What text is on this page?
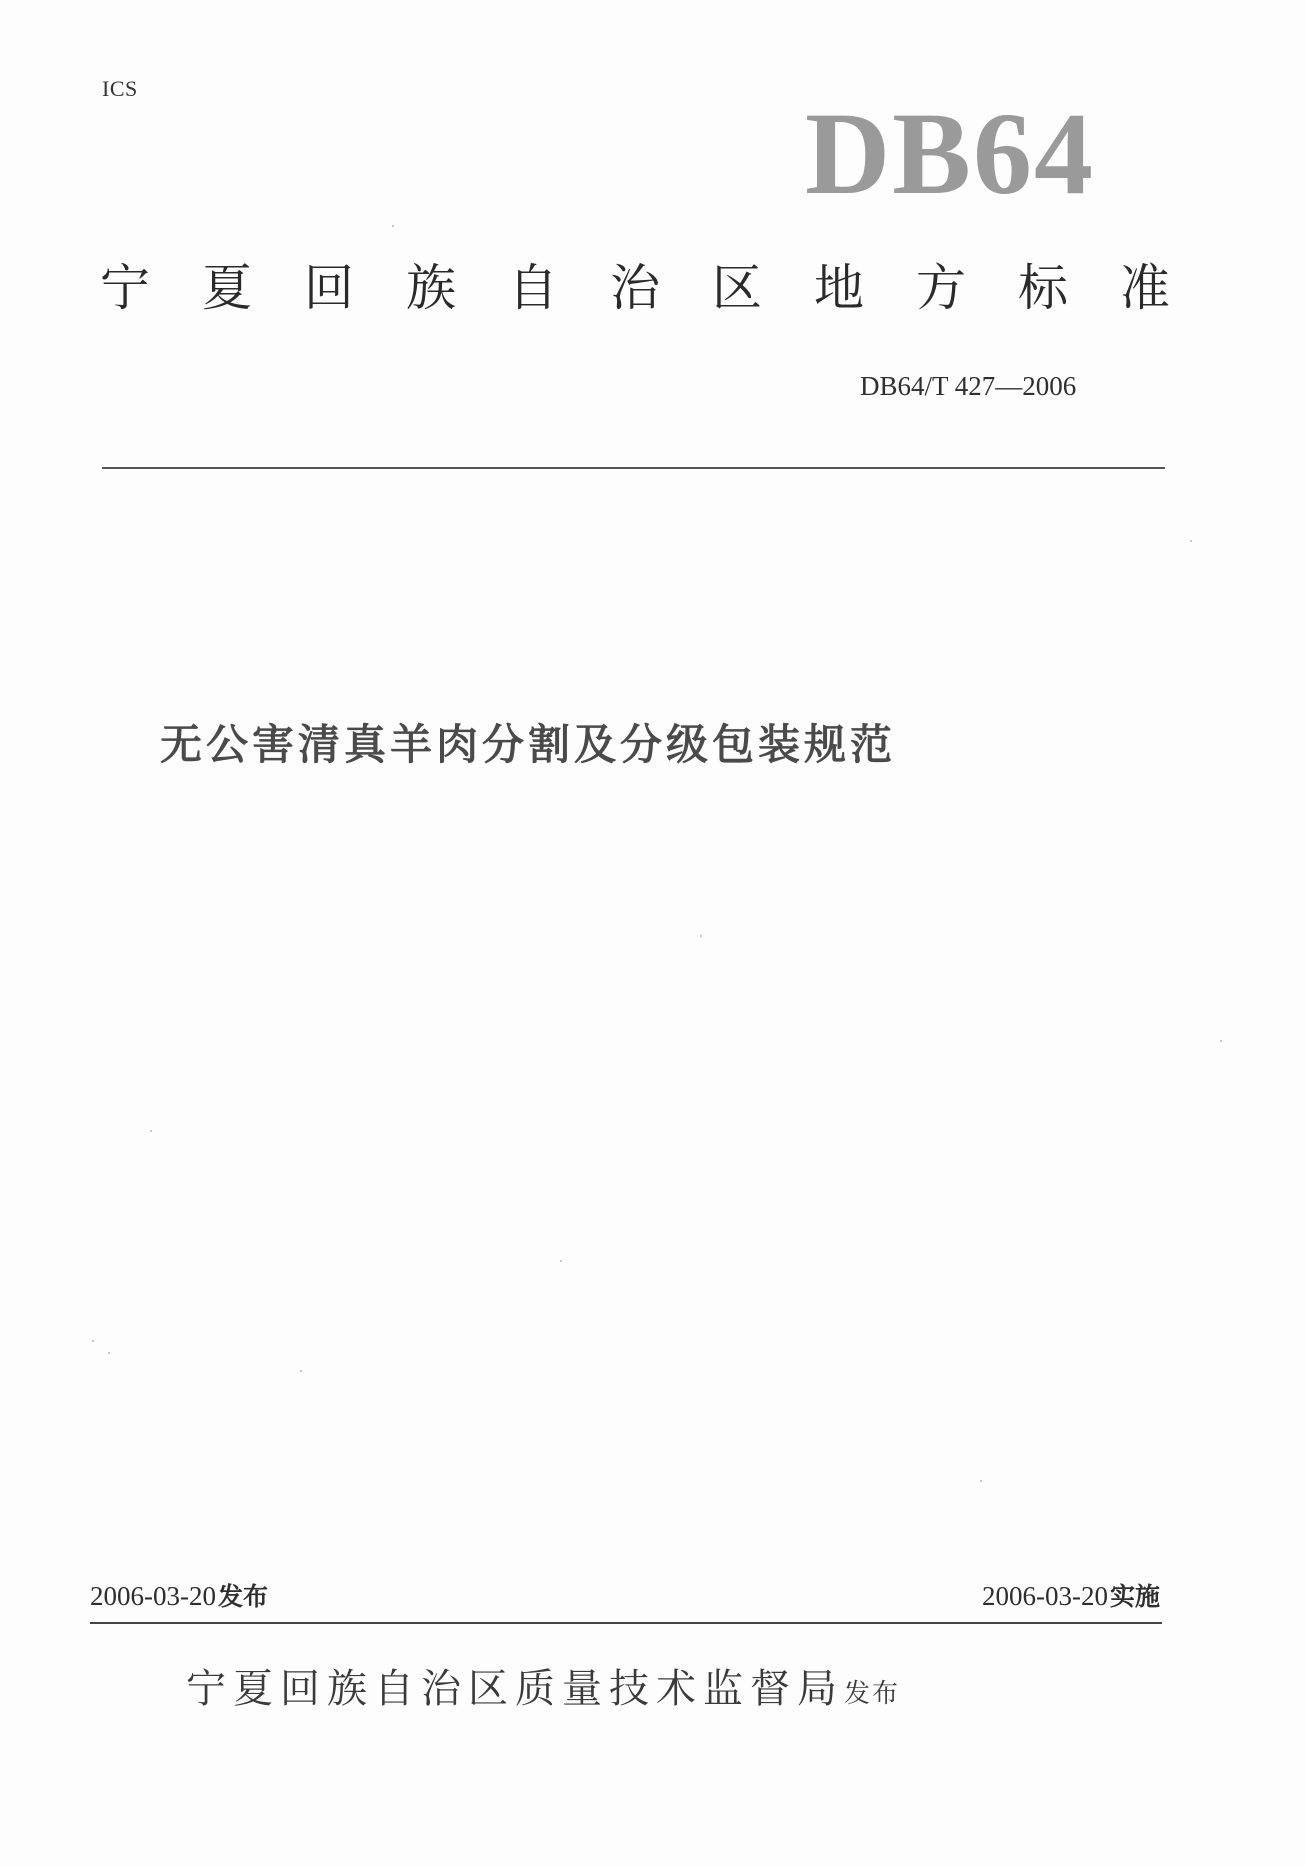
ICS	DB64
宁夏回族自治区地方标准
DB64/T 427—2006
无公害清真羊肉分割及分级包装规范
2006-03-20发布	2006-03-20实施
宁夏回族自治区质量技术监督局发布
